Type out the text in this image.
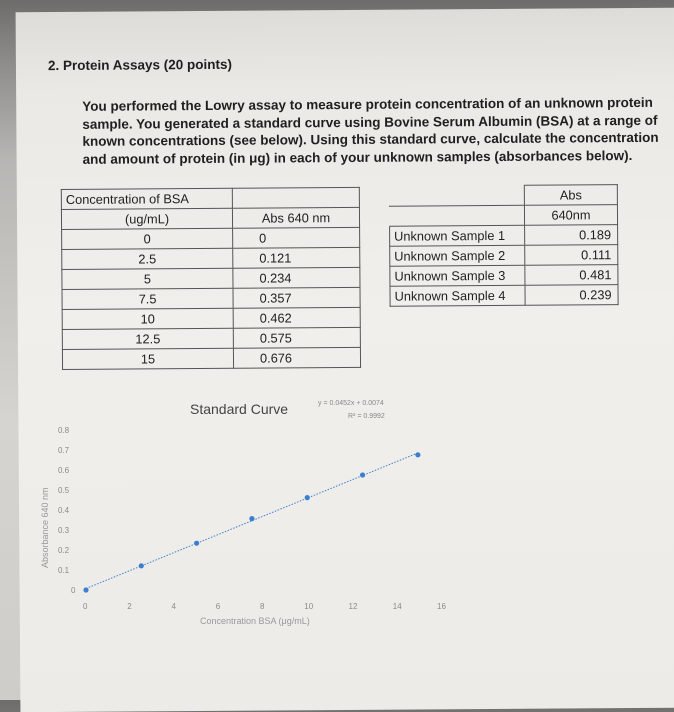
2. Protein Assays (20 points)
You performed the Lowry assay to measure protein concentration of an unknown protein sample. You generated a standard curve using Bovine Serum Albumin (BSA) at a range of known concentrations (see below). Using this standard curve, calculate the concentration and amount of protein (in μg) in each of your unknown samples (absorbances below).
Concentration of BSA	
(ug/mL)	Abs 640 nm
0	0
2.5	0.121
5	0.234
7.5	0.357
10	0.462
12.5	0.575
15	0.676
	Abs
	640nm
Unknown Sample 1	0.189
Unknown Sample 2	0.111
Unknown Sample 3	0.481
Unknown Sample 4	0.239
Standard Curve	y = 0.0452x + 0.0074
R² = 0.9992
0
0.1
0.2
0.3
0.4
0.5
0.6
0.7
0.8
0	2	4	6	8	10	12	14	16
Concentration BSA (μg/mL)
Absorbance 640 nm
